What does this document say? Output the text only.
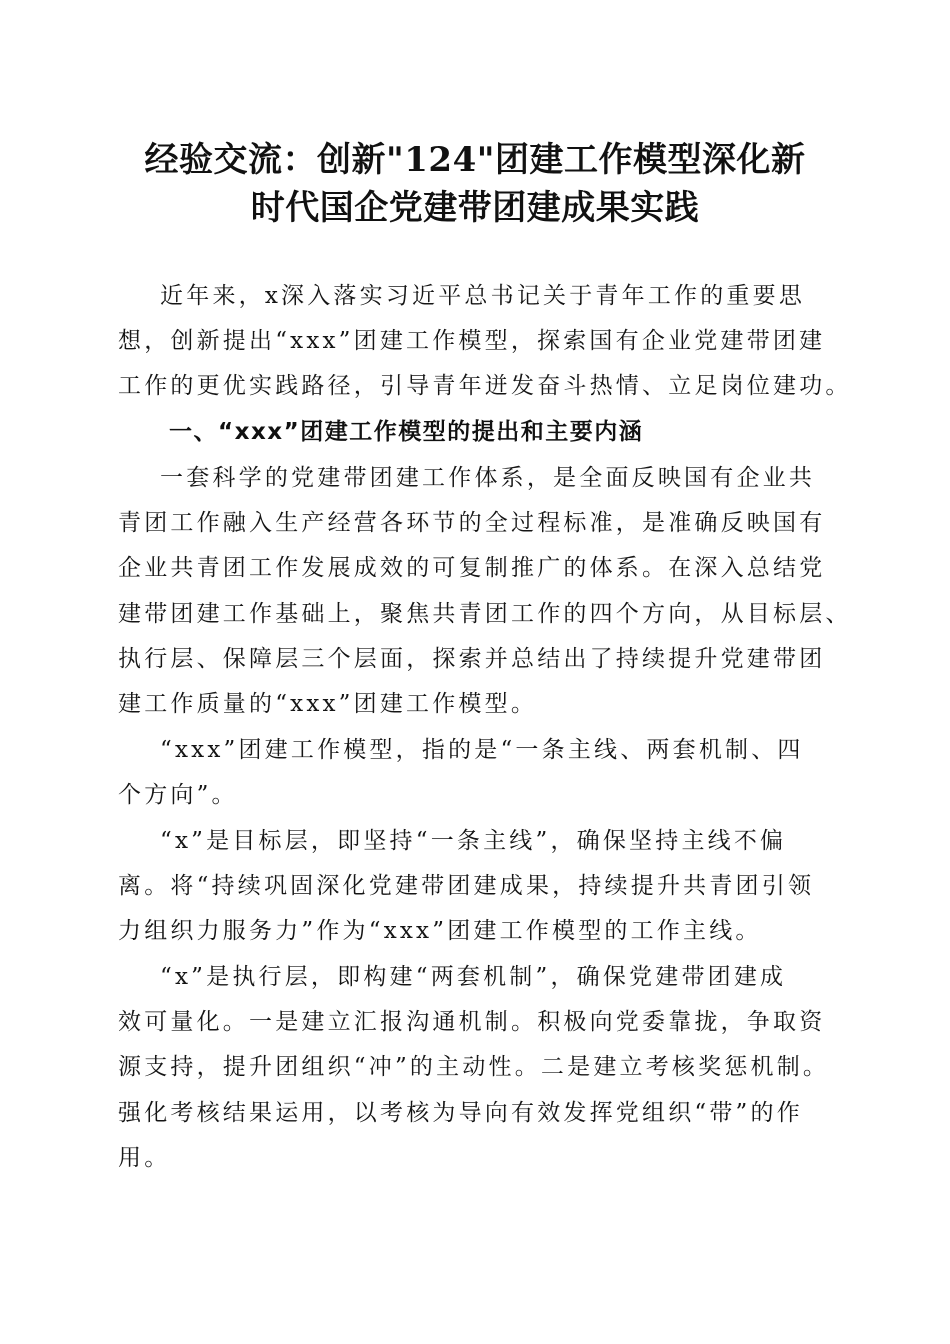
经验交流：创新"124"团建工作模型深化新
时代国企党建带团建成果实践
近年来，x深入落实习近平总书记关于青年工作的重要思
想，创新提出“xxx”团建工作模型，探索国有企业党建带团建
工作的更优实践路径，引导青年迸发奋斗热情、立足岗位建功。
一、“xxx”团建工作模型的提出和主要内涵
一套科学的党建带团建工作体系，是全面反映国有企业共
青团工作融入生产经营各环节的全过程标准，是准确反映国有
企业共青团工作发展成效的可复制推广的体系。在深入总结党
建带团建工作基础上，聚焦共青团工作的四个方向，从目标层、
执行层、保障层三个层面，探索并总结出了持续提升党建带团
建工作质量的“xxx”团建工作模型。
“xxx”团建工作模型，指的是“一条主线、两套机制、四
个方向”。
“x”是目标层，即坚持“一条主线”，确保坚持主线不偏
离。将“持续巩固深化党建带团建成果，持续提升共青团引领
力组织力服务力”作为“xxx”团建工作模型的工作主线。
“x”是执行层，即构建“两套机制”，确保党建带团建成
效可量化。一是建立汇报沟通机制。积极向党委靠拢，争取资
源支持，提升团组织“冲”的主动性。二是建立考核奖惩机制。
强化考核结果运用，以考核为导向有效发挥党组织“带”的作
用。
